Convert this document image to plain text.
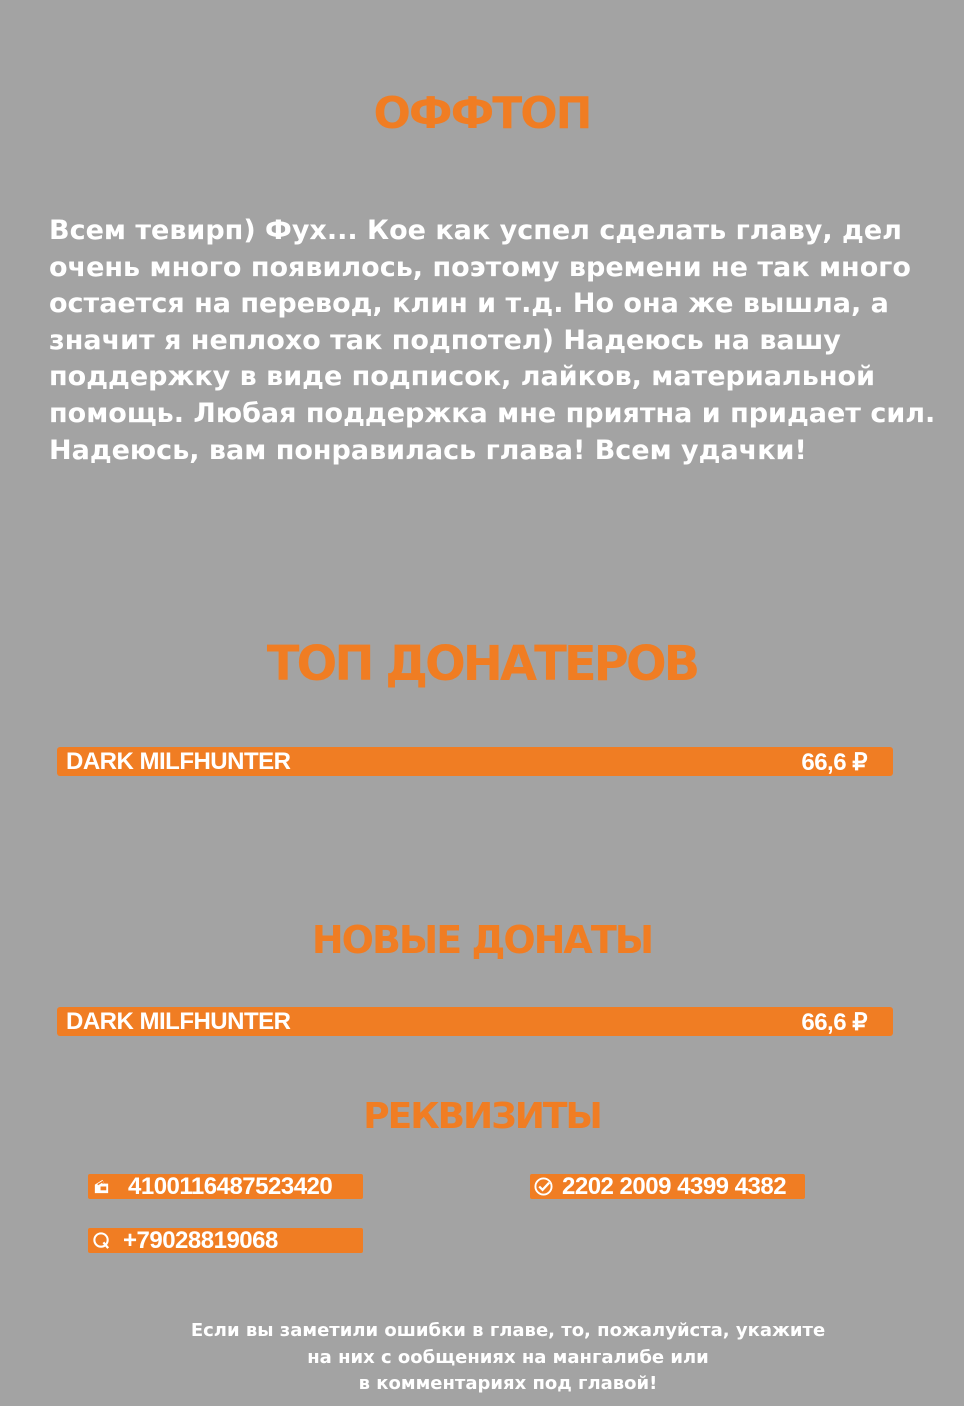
ОФФТОП

Всем тевирп) Фух... Кое как успел сделать главу, дел
очень много появилось, поэтому времени не так много
остается на перевод, клин и т.д. Но она же вышла, а
значит я неплохо так подпотел) Надеюсь на вашу
поддержку в виде подписок, лайков, материальной
помощь. Любая поддержка мне приятна и придает сил.
Надеюсь, вам понравилась глава! Всем удачки!

ТОП ДОНАТЕРОВ
DARK MILFHUNTER	66,6 ₽
НОВЫЕ ДОНАТЫ
DARK MILFHUNTER	66,6 ₽
РЕКВИЗИТЫ
4100116487523420	2202 2009 4399 4382
+79028819068

Если вы заметили ошибки в главе, то, пожалуйста, укажите
на них с ообщениях на мангалибе или
в комментариях под главой!
